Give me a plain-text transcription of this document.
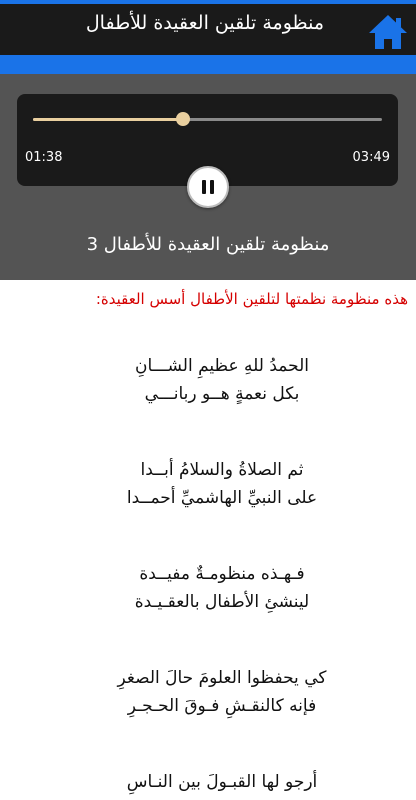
منظومة تلقين العقيدة للأطفال
01:38	03:49
منظومة تلقين العقيدة للأطفال 3
هذه منظومة نظمتها لتلقين الأطفال أسس العقيدة:
الحمدُ للهِ عظيمِ الشـــانِ
بكل نعمةٍ هــو ربانـــي
ثم الصلاةُ والسلامُ أبــدا
على النبيِّ الهاشميِّ أحمــدا
فـهـذه منظومـةٌ مفيــدة
لينشئِ الأطفال بالعقـيـدة
كي يحفظوا العلومَ حالَ الصغرِ
فإنه كالنقـشِ فـوقَ الحـجـرِ
أرجو لها القبـولَ بين النـاسِ
